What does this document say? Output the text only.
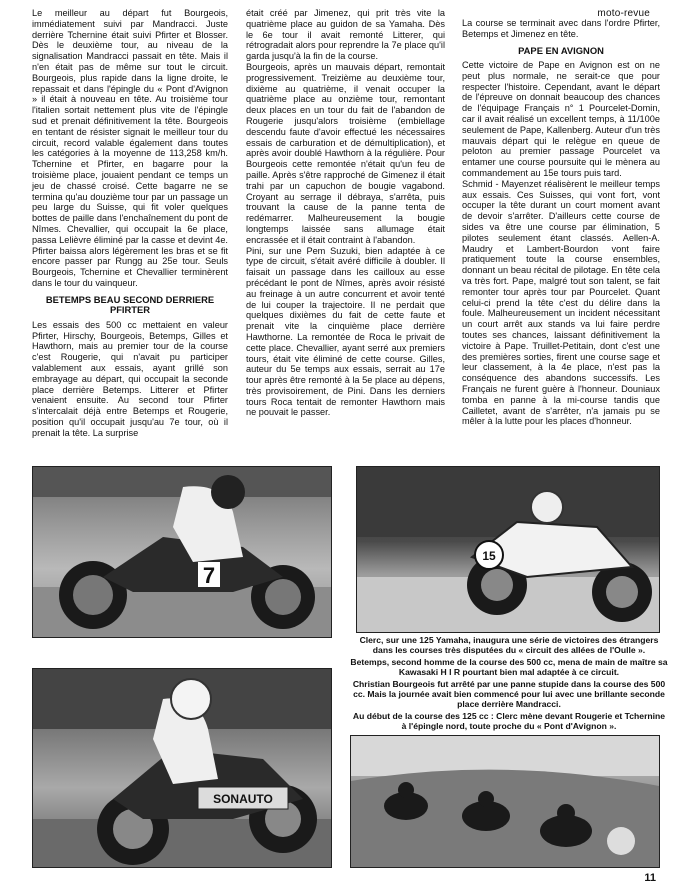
moto-revue

Le meilleur au départ fut Bourgeois, immédiatement suivi par Mandracci. Juste derrière Tchernine était suivi Pfirter et Blosser. Dès le deuxième tour, au niveau de la signalisation Mandracci passait en tête. Mais il n'en était pas de même sur tout le circuit. Bourgeois, plus rapide dans la ligne droite, le repassait et dans l'épingle du « Pont d'Avignon » il était à nouveau en tête. Au troisième tour l'italien sortait nettement plus vite de l'épingle sud et prenait définitivement la tête. Bourgeois en tentant de résister signait le meilleur tour du circuit, record valable également dans toutes les catégories à la moyenne de 113,258 km/h. Tchernine et Pfirter, en bagarre pour la troisième place, jouaient pendant ce temps un jeu de chassé croisé. Cette bagarre ne se termina qu'au douzième tour par un passage un peu large du Suisse, qui fit voler quelques bottes de paille dans l'enchaînement du pont de Nîmes. Chevallier, qui occupait la 6e place, passa Lelièvre éliminé par la casse et devint 4e. Pfirter baissa alors légèrement les bras et se fit encore passer par Rungg au 25e tour. Seuls Bourgeois, Tchernine et Chevallier terminèrent dans le tour du vainqueur.

BETEMPS BEAU SECOND DERRIERE PFIRTER

Les essais des 500 cc mettaient en valeur Pfirter, Hirschy, Bourgeois, Betemps, Gilles et Hawthorn, mais au premier tour de la course c'est Rougerie, qui n'avait pu participer valablement aux essais, ayant grillé son embrayage au départ, qui occupait la seconde place derrière Betemps. Litterer et Pfirter venaient ensuite. Au second tour Pfirter s'intercalait déjà entre Betemps et Rougerie, position qu'il occupait jusqu'au 7e tour, où il prenait la tête. La surprise

était créé par Jimenez, qui prit très vite la quatrième place au guidon de sa Yamaha. Dès le 6e tour il avait remonté Litterer, qui rétrogradait alors pour reprendre la 7e place qu'il garda jusqu'à la fin de la course.

Bourgeois, après un mauvais départ, remontait progressivement. Treizième au deuxième tour, dixième au quatrième, il venait occuper la quatrième place au onzième tour, remontant deux places en un tour du fait de l'abandon de Rougerie jusqu'alors troisième (embiellage descendu faute d'avoir effectué les nécessaires essais de carburation et de démultiplication), et après avoir doublé Hawthorn à la régulière. Pour Bourgeois cette remontée n'était qu'un feu de paille. Après s'être rapproché de Gimenez il était trahi par un capuchon de bougie vagabond. Croyant au serrage il débraya, s'arrêta, puis trouvant la cause de la panne tenta de redémarrer. Malheureusement la bougie longtemps laissée sans allumage était encrassée et il était contraint à l'abandon.

Pini, sur une Pem Suzuki, bien adaptée à ce type de circuit, s'était avéré difficile à doubler. Il faisait un passage dans les cailloux au esse précédant le pont de Nîmes, après avoir résisté au freinage à un autre concurrent et avoir tenté de lui couper la trajectoire. Il ne perdait que quelques dixièmes du fait de cette faute et prenait vite la cinquième place derrière Hawthorne. La remontée de Roca le privait de cette place. Chevallier, ayant serré aux premiers tours, était vite éliminé de cette course. Gilles, auteur du 5e temps aux essais, serrait au 17e tour après être remonté à la 5e place au dépens, très provisoirement, de Pini. Dans les derniers tours Roca tentait de remonter Hawthorn mais ne pouvait le passer.

La course se terminait avec dans l'ordre Pfirter, Betemps et Jimenez en tête.

PAPE EN AVIGNON

Cette victoire de Pape en Avignon est on ne peut plus normale, ne serait-ce que pour respecter l'histoire. Cependant, avant le départ de l'épreuve on donnait beaucoup des chances de l'équipage Français n° 1 Pourcelet-Domin, car il avait réalisé un excellent temps, à 11/100e seulement de Pape, Kallenberg. Auteur d'un très mauvais départ qui le relègue en queue de peloton au premier passage Pourcelet va entamer une course poursuite qui le mènera au commandement au 15e tours puis tard.

Schmid - Mayenzet réalisèrent le meilleur temps aux essais. Ces Suisses, qui vont fort, vont occuper la tête durant un court moment avant de devoir s'arrêter. D'ailleurs cette course de sides va être une course par élimination, 5 pilotes seulement étant classés. Aellen-A. Maudry et Lambert-Bourdon vont faire pratiquement toute la course ensembles, donnant un beau récital de pilotage. En tête cela va très fort. Pape, malgré tout son talent, se fait remonter tour après tour par Pourcelet. Quant celui-ci prend la tête c'est du délire dans la foule. Malheureusement un incident nécessitant un court arrêt aux stands va lui faire perdre toutes ses chances, laissant définitivement la victoire à Pape. Truillet-Petitain, dont c'est une des premières sorties, firent une course sage et leur classement, à la 4e place, n'est pas la conséquence des abandons successifs. Les Français ne furent guère à l'honneur. Douniaux tomba en panne à la mi-course tandis que Cailletet, avant de s'arrêter, n'a jamais pu se mêler à la lutte pour les places d'honneur.

7
15
SONAUTO

Clerc, sur une 125 Yamaha, inaugura une série de victoires des étrangers dans les courses très disputées du « circuit des allées de l'Oulle ».

Betemps, second homme de la course des 500 cc, mena de main de maître sa Kawasaki H I R pourtant bien mal adaptée à ce circuit.

Christian Bourgeois fut arrêté par une panne stupide dans la course des 500 cc. Mais la journée avait bien commencé pour lui avec une brillante seconde place derrière Mandracci.

Au début de la course des 125 cc : Clerc mène devant Rougerie et Tchernine à l'épingle nord, toute proche du « Pont d'Avignon ».

11
